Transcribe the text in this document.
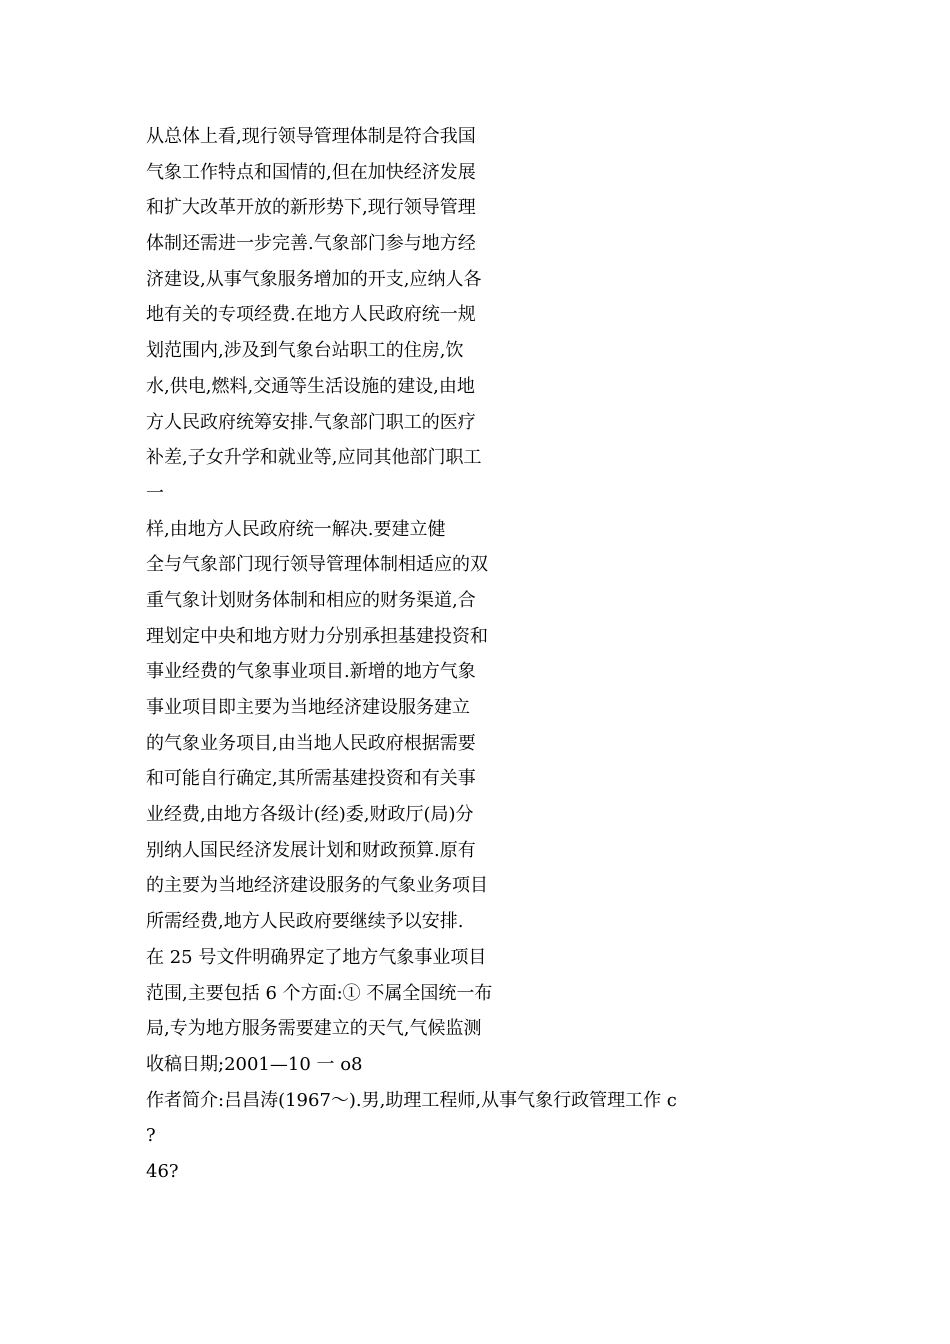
从总体上看,现行领导管理体制是符合我国
气象工作特点和国情的,但在加快经济发展
和扩大改革开放的新形势下,现行领导管理
体制还需进一步完善.气象部门参与地方经
济建设,从事气象服务增加的开支,应纳人各
地有关的专项经费.在地方人民政府统一规
划范围内,涉及到气象台站职工的住房,饮
水,供电,燃料,交通等生活设施的建设,由地
方人民政府统筹安排.气象部门职工的医疗
补差,子女升学和就业等,应同其他部门职工
一
样,由地方人民政府统一解决.要建立健
全与气象部门现行领导管理体制相适应的双
重气象计划财务体制和相应的财务渠道,合
理划定中央和地方财力分别承担基建投资和
事业经费的气象事业项目.新增的地方气象
事业项目即主要为当地经济建设服务建立
的气象业务项目,由当地人民政府根据需要
和可能自行确定,其所需基建投资和有关事
业经费,由地方各级计(经)委,财政厅(局)分
别纳人国民经济发展计划和财政预算.原有
的主要为当地经济建设服务的气象业务项目
所需经费,地方人民政府要继续予以安排.
在 25 号文件明确界定了地方气象事业项目
范围,主要包括 6 个方面:① 不属全国统一布
局,专为地方服务需要建立的天气,气候监测
收稿日期;2001—10 一 o8
作者简介:吕昌涛(1967～).男,助理工程师,从事气象行政管理工作 c
?
46?
